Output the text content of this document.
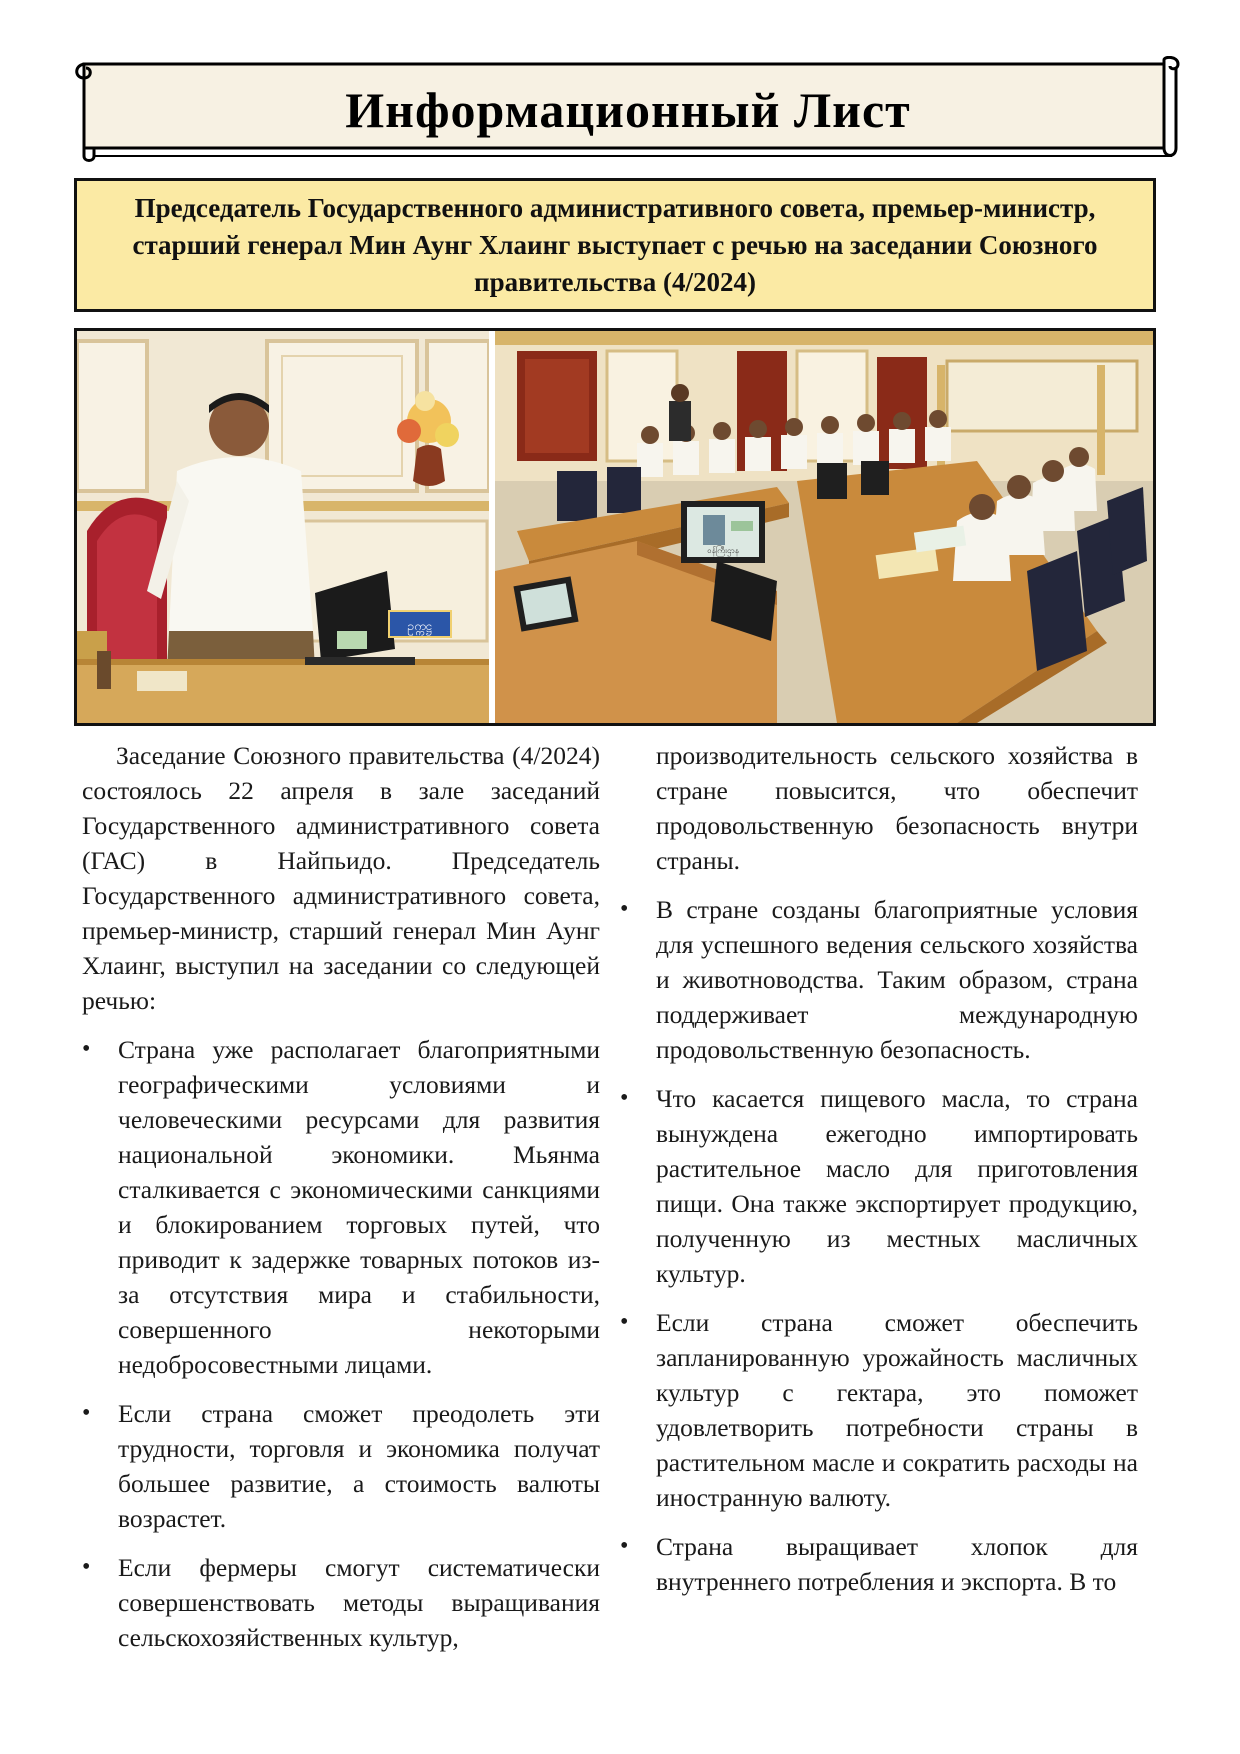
Информационный Лист
Председатель Государственного административного совета, премьер-министр, старший генерал Мин Аунг Хлаинг выступает с речью на заседании Союзного правительства (4/2024)
ဥက္ကဋ္ဌ
ဝန်ကြီးဌာန

Заседание Союзного правительства (4/2024) состоялось 22 апреля в зале заседаний Государственного административного совета (ГАС) в Найпьидо. Председатель Государственного административного совета, премьер-министр, старший генерал Мин Аунг Хлаинг, выступил на заседании со следующей речью:

• Страна уже располагает благоприятными географическими условиями и человеческими ресурсами для развития национальной экономики. Мьянма сталкивается с экономическими санкциями и блокированием торговых путей, что приводит к задержке товарных потоков из-за отсутствия мира и стабильности, совершенного некоторыми недобросовестными лицами.

• Если страна сможет преодолеть эти трудности, торговля и экономика получат большее развитие, а стоимость валюты возрастет.

• Если фермеры смогут систематически совершенствовать методы выращивания сельскохозяйственных культур,

производительность сельского хозяйства в стране повысится, что обеспечит продовольственную безопасность внутри страны.

• В стране созданы благоприятные условия для успешного ведения сельского хозяйства и животноводства. Таким образом, страна поддерживает международную продовольственную безопасность.

• Что касается пищевого масла, то страна вынуждена ежегодно импортировать растительное масло для приготовления пищи. Она также экспортирует продукцию, полученную из местных масличных культур.

• Если страна сможет обеспечить запланированную урожайность масличных культур с гектара, это поможет удовлетворить потребности страны в растительном масле и сократить расходы на иностранную валюту.

• Страна выращивает хлопок для внутреннего потребления и экспорта. В то
